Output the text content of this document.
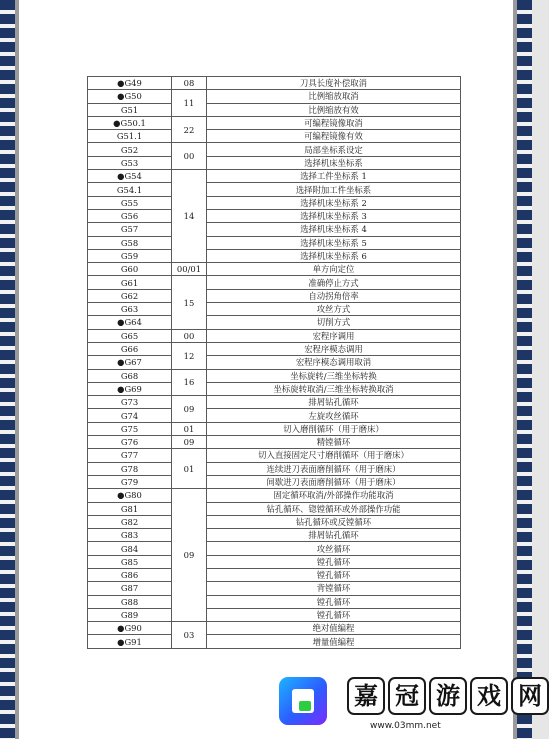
●G49	08	刀具长度补偿取消
●G50	11	比例缩放取消
G51		比例缩放有效
●G50.1	22	可编程镜像取消
G51.1		可编程镜像有效
G52	00	局部坐标系设定
G53		选择机床坐标系
●G54	14	选择工件坐标系 1
G54.1		选择附加工件坐标系
G55		选择机床坐标系 2
G56		选择机床坐标系 3
G57		选择机床坐标系 4
G58		选择机床坐标系 5
G59		选择机床坐标系 6
G60	00/01	单方向定位
G61	15	准确停止方式
G62		自动拐角倍率
G63		攻丝方式
●G64		切削方式
G65	00	宏程序调用
G66	12	宏程序模态调用
●G67		宏程序模态调用取消
G68	16	坐标旋转/三维坐标转换
●G69		坐标旋转取消/三维坐标转换取消
G73	09	排屑钻孔循环
G74		左旋攻丝循环
G75	01	切入磨削循环（用于磨床）
G76	09	精镗循环
G77	01	切入直接固定尺寸磨削循环（用于磨床）
G78		连续进刀表面磨削循环（用于磨床）
G79		间歇进刀表面磨削循环（用于磨床）
●G80	09	固定循环取消/外部操作功能取消
G81		钻孔循环、锪镗循环或外部操作功能
G82		钻孔循环或反镗循环
G83		排屑钻孔循环
G84		攻丝循环
G85		镗孔循环
G86		镗孔循环
G87		背镗循环
G88		镗孔循环
G89		镗孔循环
●G90	03	绝对值编程
●G91		增量值编程
嘉 冠 游 戏 网
www.03mm.net
